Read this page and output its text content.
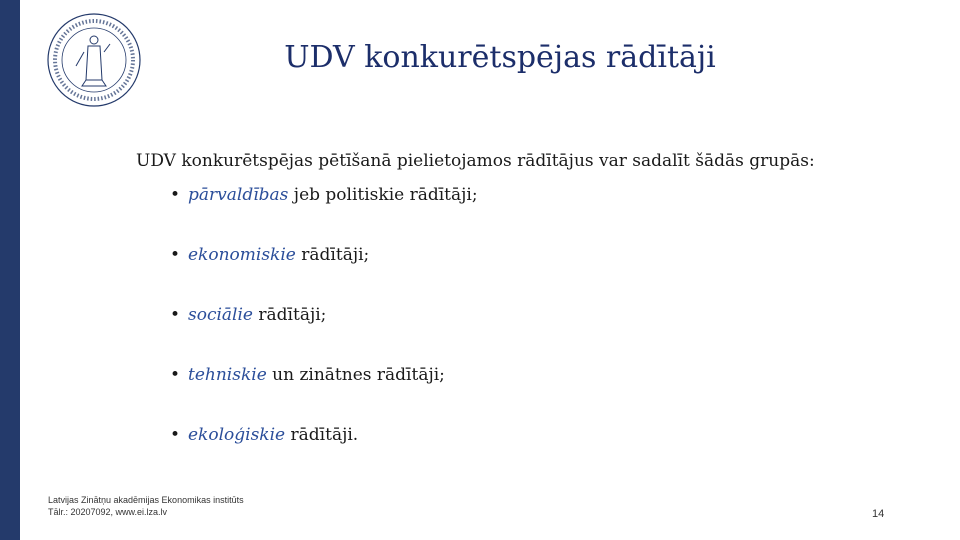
UDV konkurētspējas rādītāji

UDV konkurētspējas pētīšanā pielietojamos rādītājus var sadalīt šādās grupās:

• pārvaldības jeb politiskie rādītāji;
• ekonomiskie rādītāji;
• sociālie rādītāji;
• tehniskie un zinātnes rādītāji;
• ekoloģiskie rādītāji.
Latvijas Zinātņu akadēmijas Ekonomikas institūts
Tālr.: 20207092, www.ei.lza.lv	14
